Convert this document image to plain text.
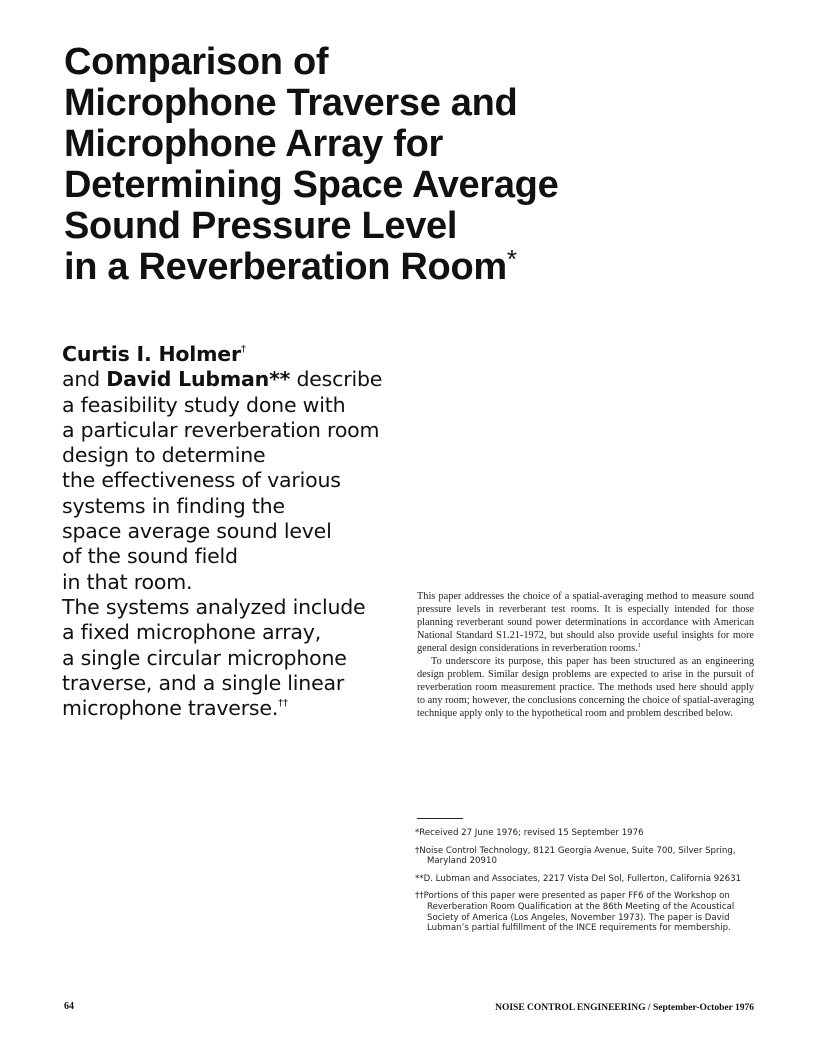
Comparison of
Microphone Traverse and
Microphone Array for
Determining Space Average
Sound Pressure Level
in a Reverberation Room*
Curtis I. Holmer†
and David Lubman** describe
a feasibility study done with
a particular reverberation room
design to determine
the effectiveness of various
systems in finding the
space average sound level
of the sound field
in that room.
The systems analyzed include
a fixed microphone array,
a single circular microphone
traverse, and a single linear
microphone traverse.††

This paper addresses the choice of a spatial-averaging method to measure sound pressure levels in reverberant test rooms. It is especially intended for those planning reverberant sound power determinations in accordance with American National Standard S1.21-1972, but should also provide useful insights for more general design considerations in reverberation rooms.$^1$

To underscore its purpose, this paper has been structured as an engineering design problem. Similar design problems are expected to arise in the pursuit of reverberation room measurement practice. The methods used here should apply to any room; however, the conclusions concerning the choice of spatial-averaging technique apply only to the hypothetical room and problem described below.

*Received 27 June 1976; revised 15 September 1976
†Noise Control Technology, 8121 Georgia Avenue, Suite 700, Silver Spring, Maryland 20910
**D. Lubman and Associates, 2217 Vista Del Sol, Fullerton, California 92631
††Portions of this paper were presented as paper FF6 of the Workshop on Reverberation Room Qualification at the 86th Meeting of the Acoustical Society of America (Los Angeles, November 1973). The paper is David Lubman’s partial fulfillment of the INCE requirements for membership.
64	NOISE CONTROL ENGINEERING / September-October 1976
